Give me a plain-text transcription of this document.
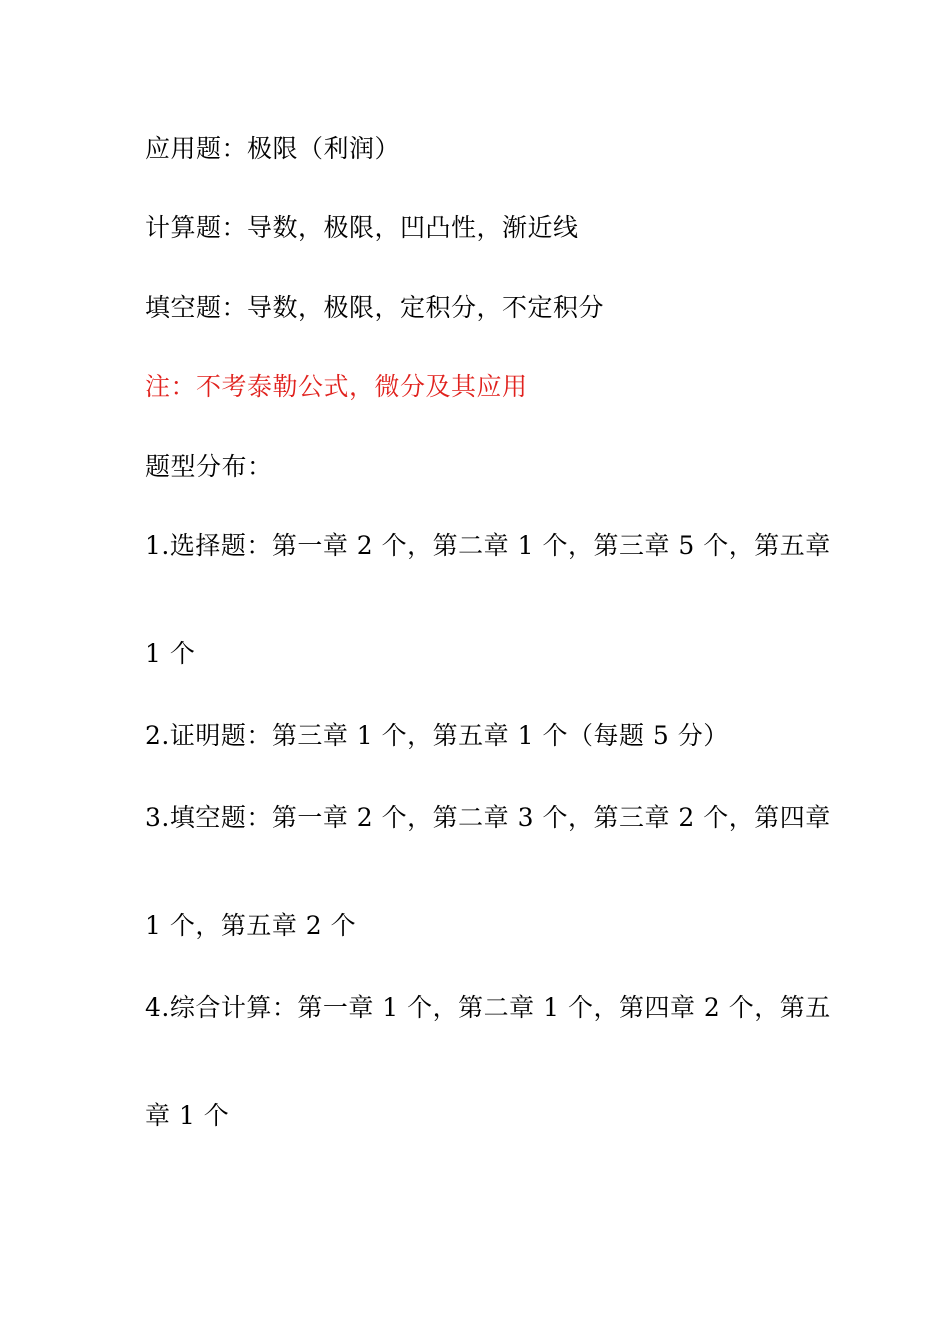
应用题：极限（利润）
计算题：导数，极限，凹凸性，渐近线
填空题：导数，极限，定积分，不定积分
注：不考泰勒公式，微分及其应用
题型分布：
1.选择题：第一章 2 个，第二章 1 个，第三章 5 个，第五章
1 个
2.证明题：第三章 1 个，第五章 1 个（每题 5 分）
3.填空题：第一章 2 个，第二章 3 个，第三章 2 个，第四章
1 个，第五章 2 个
4.综合计算：第一章 1 个，第二章 1 个，第四章 2 个，第五
章 1 个
